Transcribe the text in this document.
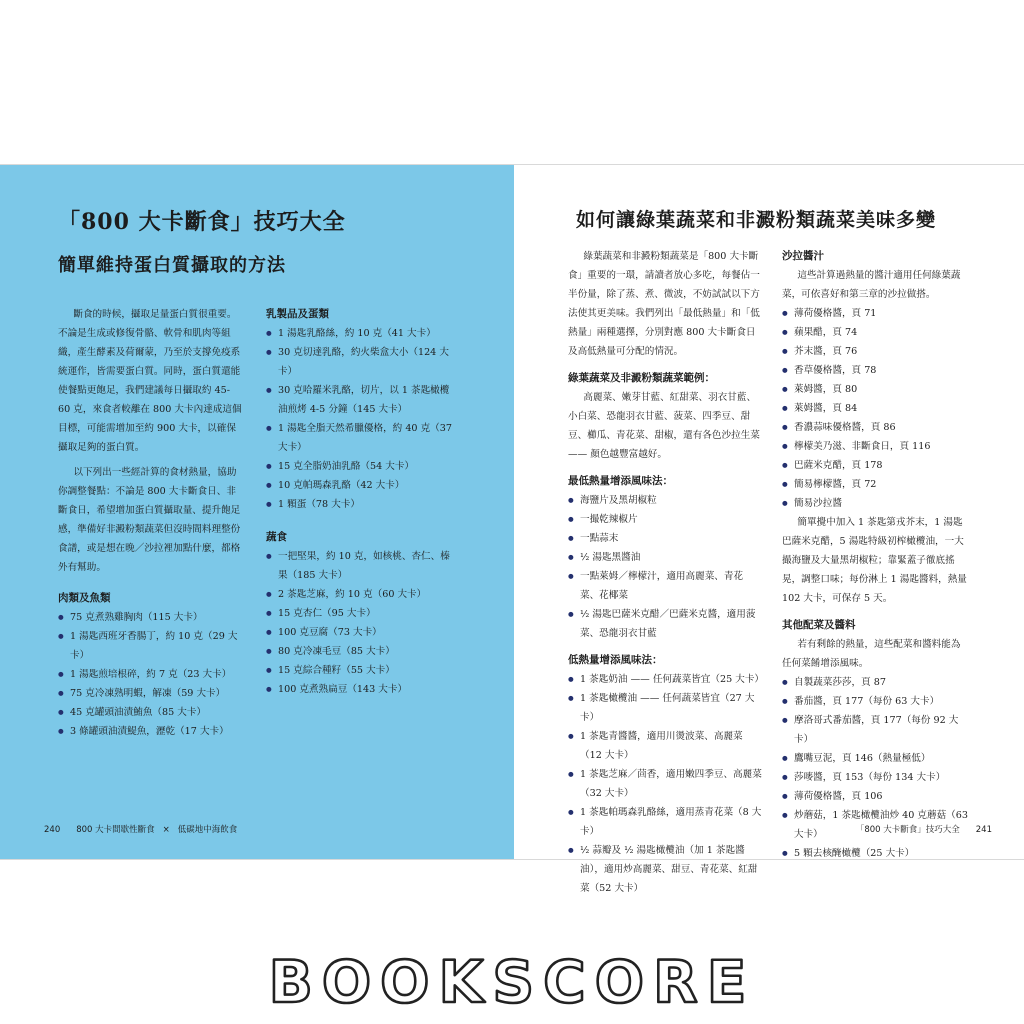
「800 大卡斷食」技巧大全
簡單維持蛋白質攝取的方法

斷食的時候，攝取足量蛋白質很重要。不論是生成或修復骨骼、軟骨和肌肉等組織，產生酵素及荷爾蒙，乃至於支撐免疫系統運作，皆需要蛋白質。同時，蛋白質還能使餐點更飽足，我們建議每日攝取約 45-60 克，來食者較離在 800 大卡內達成這個目標，可能需增加至約 900 大卡，以確保攝取足夠的蛋白質。

以下列出一些經計算的食材熱量，協助你調整餐點：不論是 800 大卡斷食日、非斷食日，希望增加蛋白質攝取量、提升飽足感，準備好非澱粉類蔬菜但沒時間料理整份食譜，或是想在晚／沙拉裡加點什麼，都格外有幫助。

肉類及魚類
● 75 克煮熟雞胸肉（115 大卡）
● 1 湯匙西班牙香腸丁，約 10 克（29 大卡）
● 1 湯匙煎培根碎，約 7 克（23 大卡）
● 75 克冷凍熟明蝦，解凍（59 大卡）
● 45 克罐頭油漬鮪魚（85 大卡）
● 3 條罐頭油漬鯷魚，瀝乾（17 大卡）
乳製品及蛋類
● 1 湯匙乳酪絲，約 10 克（41 大卡）
● 30 克切達乳酪，約火柴盒大小（124 大卡）
● 30 克哈羅米乳酪，切片，以 1 茶匙橄欖油煎烤 4-5 分鐘（145 大卡）
● 1 湯匙全脂天然希臘優格，約 40 克（37 大卡）
● 15 克全脂奶油乳酪（54 大卡）
● 10 克帕瑪森乳酪（42 大卡）
● 1 顆蛋（78 大卡）
蔬食
● 一把堅果，約 10 克，如核桃、杏仁、榛果（185 大卡）
● 2 茶匙芝麻，約 10 克（60 大卡）
● 15 克杏仁（95 大卡）
● 100 克豆腐（73 大卡）
● 80 克冷凍毛豆（85 大卡）
● 15 克綜合種籽（55 大卡）
● 100 克煮熟扁豆（143 大卡）
240 800 大卡間歇性斷食 × 低碳地中海飲食
如何讓綠葉蔬菜和非澱粉類蔬菜美味多變

綠葉蔬菜和非澱粉類蔬菜是「800 大卡斷食」重要的一環，請讀者放心多吃，每餐佔一半份量，除了蒸、煮、微波，不妨試試以下方法使其更美味。我們列出「最低熱量」和「低熱量」兩種選擇，分別對應 800 大卡斷食日及高低熱量可分配的情況。

綠葉蔬菜及非澱粉類蔬菜範例：

高麗菜、嫩芽甘藍、紅甜菜、羽衣甘藍、小白菜、恐龍羽衣甘藍、菠菜、四季豆、甜豆、櫛瓜、青花菜、甜椒，還有各色沙拉生菜 —— 顏色越豐富越好。

最低熱量增添風味法：
● 海鹽片及黑胡椒粒
● 一撮乾辣椒片
● 一點蒜末
● ½ 湯匙黑醬油
● 一點萊姆／檸檬汁，適用高麗菜、青花菜、花椰菜
● ½ 湯匙巴薩米克醋／巴薩米克醬，適用菠菜、恐龍羽衣甘藍
低熱量增添風味法：
● 1 茶匙奶油 —— 任何蔬菜皆宜（25 大卡）
● 1 茶匙橄欖油 —— 任何蔬菜皆宜（27 大卡）
● 1 茶匙青醬醬，適用川燙波菜、高麗菜（12 大卡）
● 1 茶匙芝麻／茴香，適用嫩四季豆、高麗菜（32 大卡）
● 1 茶匙帕瑪森乳酪絲，適用蒸青花菜（8 大卡）
● ½ 蒜瓣及 ½ 湯匙橄欖油（加 1 茶匙醬油），適用炒高麗菜、甜豆、青花菜、紅甜菜（52 大卡）
沙拉醬汁

這些計算過熱量的醬汁適用任何綠葉蔬菜，可依喜好和第三章的沙拉做搭。

● 薄荷優格醬，頁 71
● 蘋果醋，頁 74
● 芥末醬，頁 76
● 香草優格醬，頁 78
● 萊姆醬，頁 80
● 萊姆醬，頁 84
● 香濃蒜味優格醬，頁 86
● 檸檬美乃滋、非斷食日，頁 116
● 巴薩米克醋，頁 178
● 簡易檸檬醬，頁 72
● 簡易沙拉醬

簡單攪中加入 1 茶匙第戎芥末，1 湯匙巴薩米克醋，5 湯匙特級初榨橄欖油，一大撮海鹽及大量黑胡椒粒；靠緊蓋子徹底搖晃，調整口味；每份淋上 1 湯匙醬料，熱量 102 大卡，可保存 5 天。

其他配菜及醬料

若有剩餘的熱量，這些配菜和醬料能為任何菜餚增添風味。

● 自製蔬菜莎莎，頁 87
● 番茄醬，頁 177（每份 63 大卡）
● 摩洛哥式番茄醬，頁 177（每份 92 大卡）
● 鷹嘴豆泥，頁 146（熱量極低）
● 莎嘜醬，頁 153（每份 134 大卡）
● 薄荷優格醬，頁 106
● 炒蘑菇，1 茶匙橄欖油炒 40 克蘑菇（63 大卡）
● 5 顆去核醃橄欖（25 大卡）
「800 大卡斷食」技巧大全 241
BOOKSCORE
